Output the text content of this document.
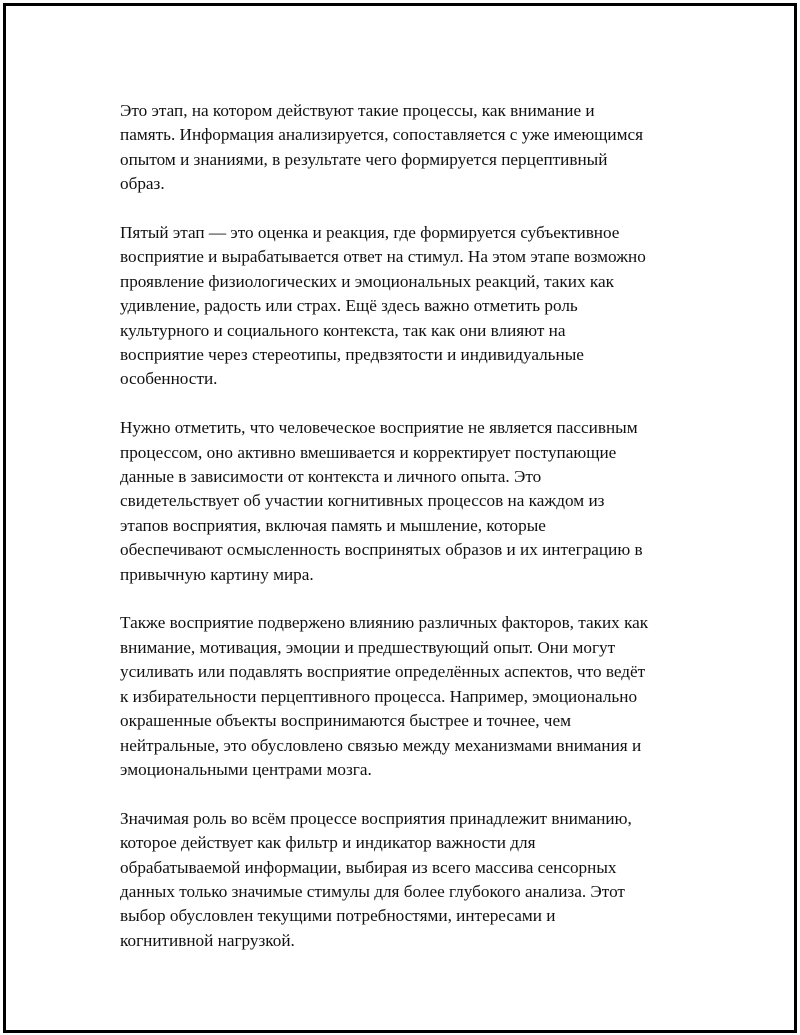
Это этап, на котором действуют такие процессы, как внимание и
память. Информация анализируется, сопоставляется с уже имеющимся
опытом и знаниями, в результате чего формируется перцептивный
образ.

Пятый этап — это оценка и реакция, где формируется субъективное
восприятие и вырабатывается ответ на стимул. На этом этапе возможно
проявление физиологических и эмоциональных реакций, таких как
удивление, радость или страх. Ещё здесь важно отметить роль
культурного и социального контекста, так как они влияют на
восприятие через стереотипы, предвзятости и индивидуальные
особенности.

Нужно отметить, что человеческое восприятие не является пассивным
процессом, оно активно вмешивается и корректирует поступающие
данные в зависимости от контекста и личного опыта. Это
свидетельствует об участии когнитивных процессов на каждом из
этапов восприятия, включая память и мышление, которые
обеспечивают осмысленность воспринятых образов и их интеграцию в
привычную картину мира.

Также восприятие подвержено влиянию различных факторов, таких как
внимание, мотивация, эмоции и предшествующий опыт. Они могут
усиливать или подавлять восприятие определённых аспектов, что ведёт
к избирательности перцептивного процесса. Например, эмоционально
окрашенные объекты воспринимаются быстрее и точнее, чем
нейтральные, это обусловлено связью между механизмами внимания и
эмоциональными центрами мозга.

Значимая роль во всём процессе восприятия принадлежит вниманию,
которое действует как фильтр и индикатор важности для
обрабатываемой информации, выбирая из всего массива сенсорных
данных только значимые стимулы для более глубокого анализа. Этот
выбор обусловлен текущими потребностями, интересами и
когнитивной нагрузкой.
